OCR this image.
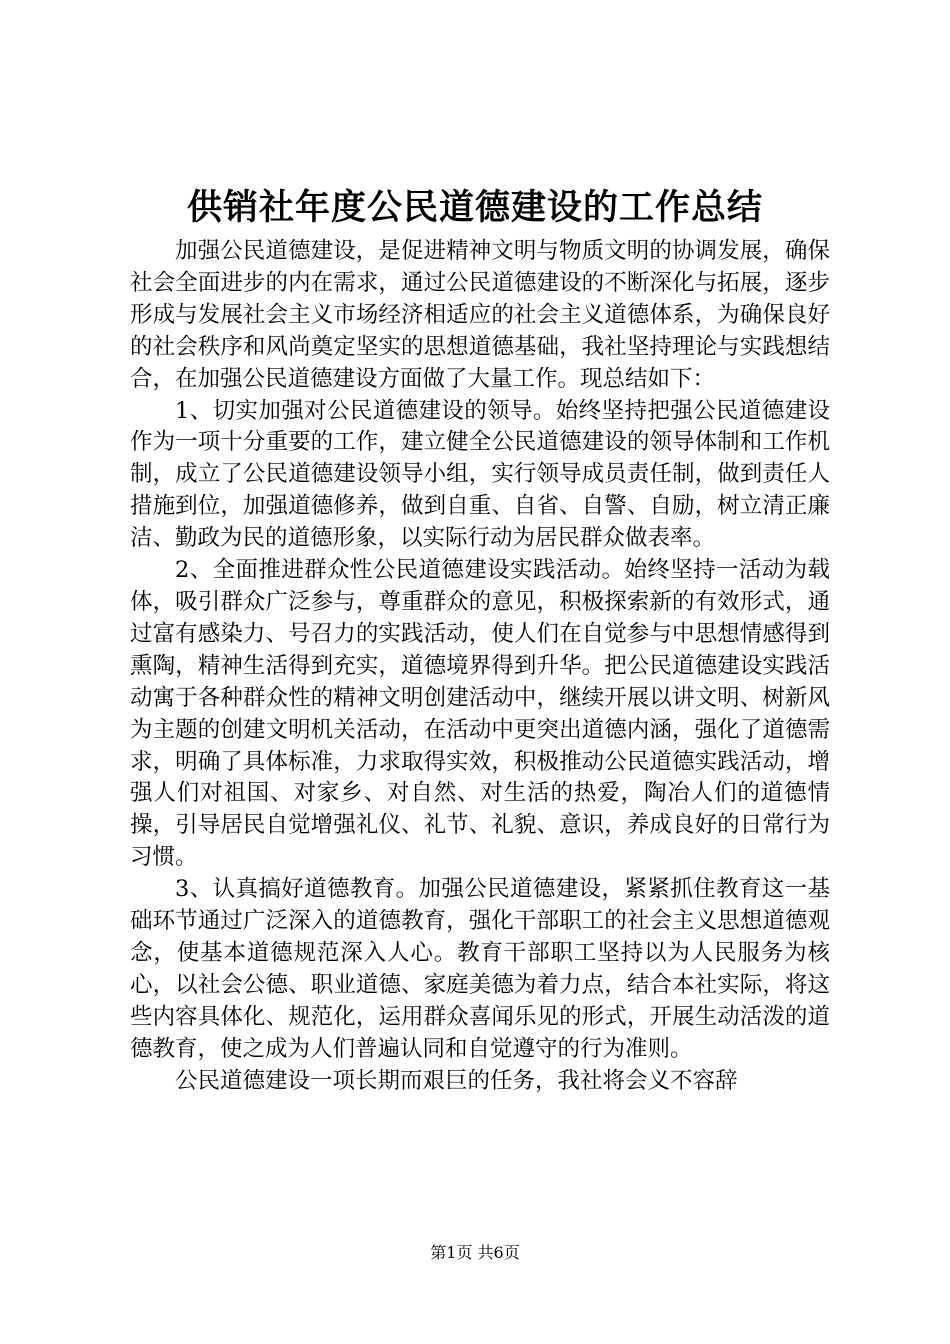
供销社年度公民道德建设的工作总结

加强公民道德建设，是促进精神文明与物质文明的协调发展，确保社会全面进步的内在需求，通过公民道德建设的不断深化与拓展，逐步形成与发展社会主义市场经济相适应的社会主义道德体系，为确保良好的社会秩序和风尚奠定坚实的思想道德基础，我社坚持理论与实践想结合，在加强公民道德建设方面做了大量工作。现总结如下：

1、切实加强对公民道德建设的领导。始终坚持把强公民道德建设作为一项十分重要的工作，建立健全公民道德建设的领导体制和工作机制，成立了公民道德建设领导小组，实行领导成员责任制，做到责任人措施到位，加强道德修养，做到自重、自省、自警、自励，树立清正廉洁、勤政为民的道德形象，以实际行动为居民群众做表率。

2、全面推进群众性公民道德建设实践活动。始终坚持一活动为载体，吸引群众广泛参与，尊重群众的意见，积极探索新的有效形式，通过富有感染力、号召力的实践活动，使人们在自觉参与中思想情感得到熏陶，精神生活得到充实，道德境界得到升华。把公民道德建设实践活动寓于各种群众性的精神文明创建活动中，继续开展以讲文明、树新风为主题的创建文明机关活动，在活动中更突出道德内涵，强化了道德需求，明确了具体标准，力求取得实效，积极推动公民道德实践活动，增强人们对祖国、对家乡、对自然、对生活的热爱，陶冶人们的道德情操，引导居民自觉增强礼仪、礼节、礼貌、意识，养成良好的日常行为习惯。

3、认真搞好道德教育。加强公民道德建设，紧紧抓住教育这一基础环节通过广泛深入的道德教育，强化干部职工的社会主义思想道德观念，使基本道德规范深入人心。教育干部职工坚持以为人民服务为核心，以社会公德、职业道德、家庭美德为着力点，结合本社实际，将这些内容具体化、规范化，运用群众喜闻乐见的形式，开展生动活泼的道德教育，使之成为人们普遍认同和自觉遵守的行为准则。

公民道德建设一项长期而艰巨的任务，我社将会义不容辞

第1页 共6页
